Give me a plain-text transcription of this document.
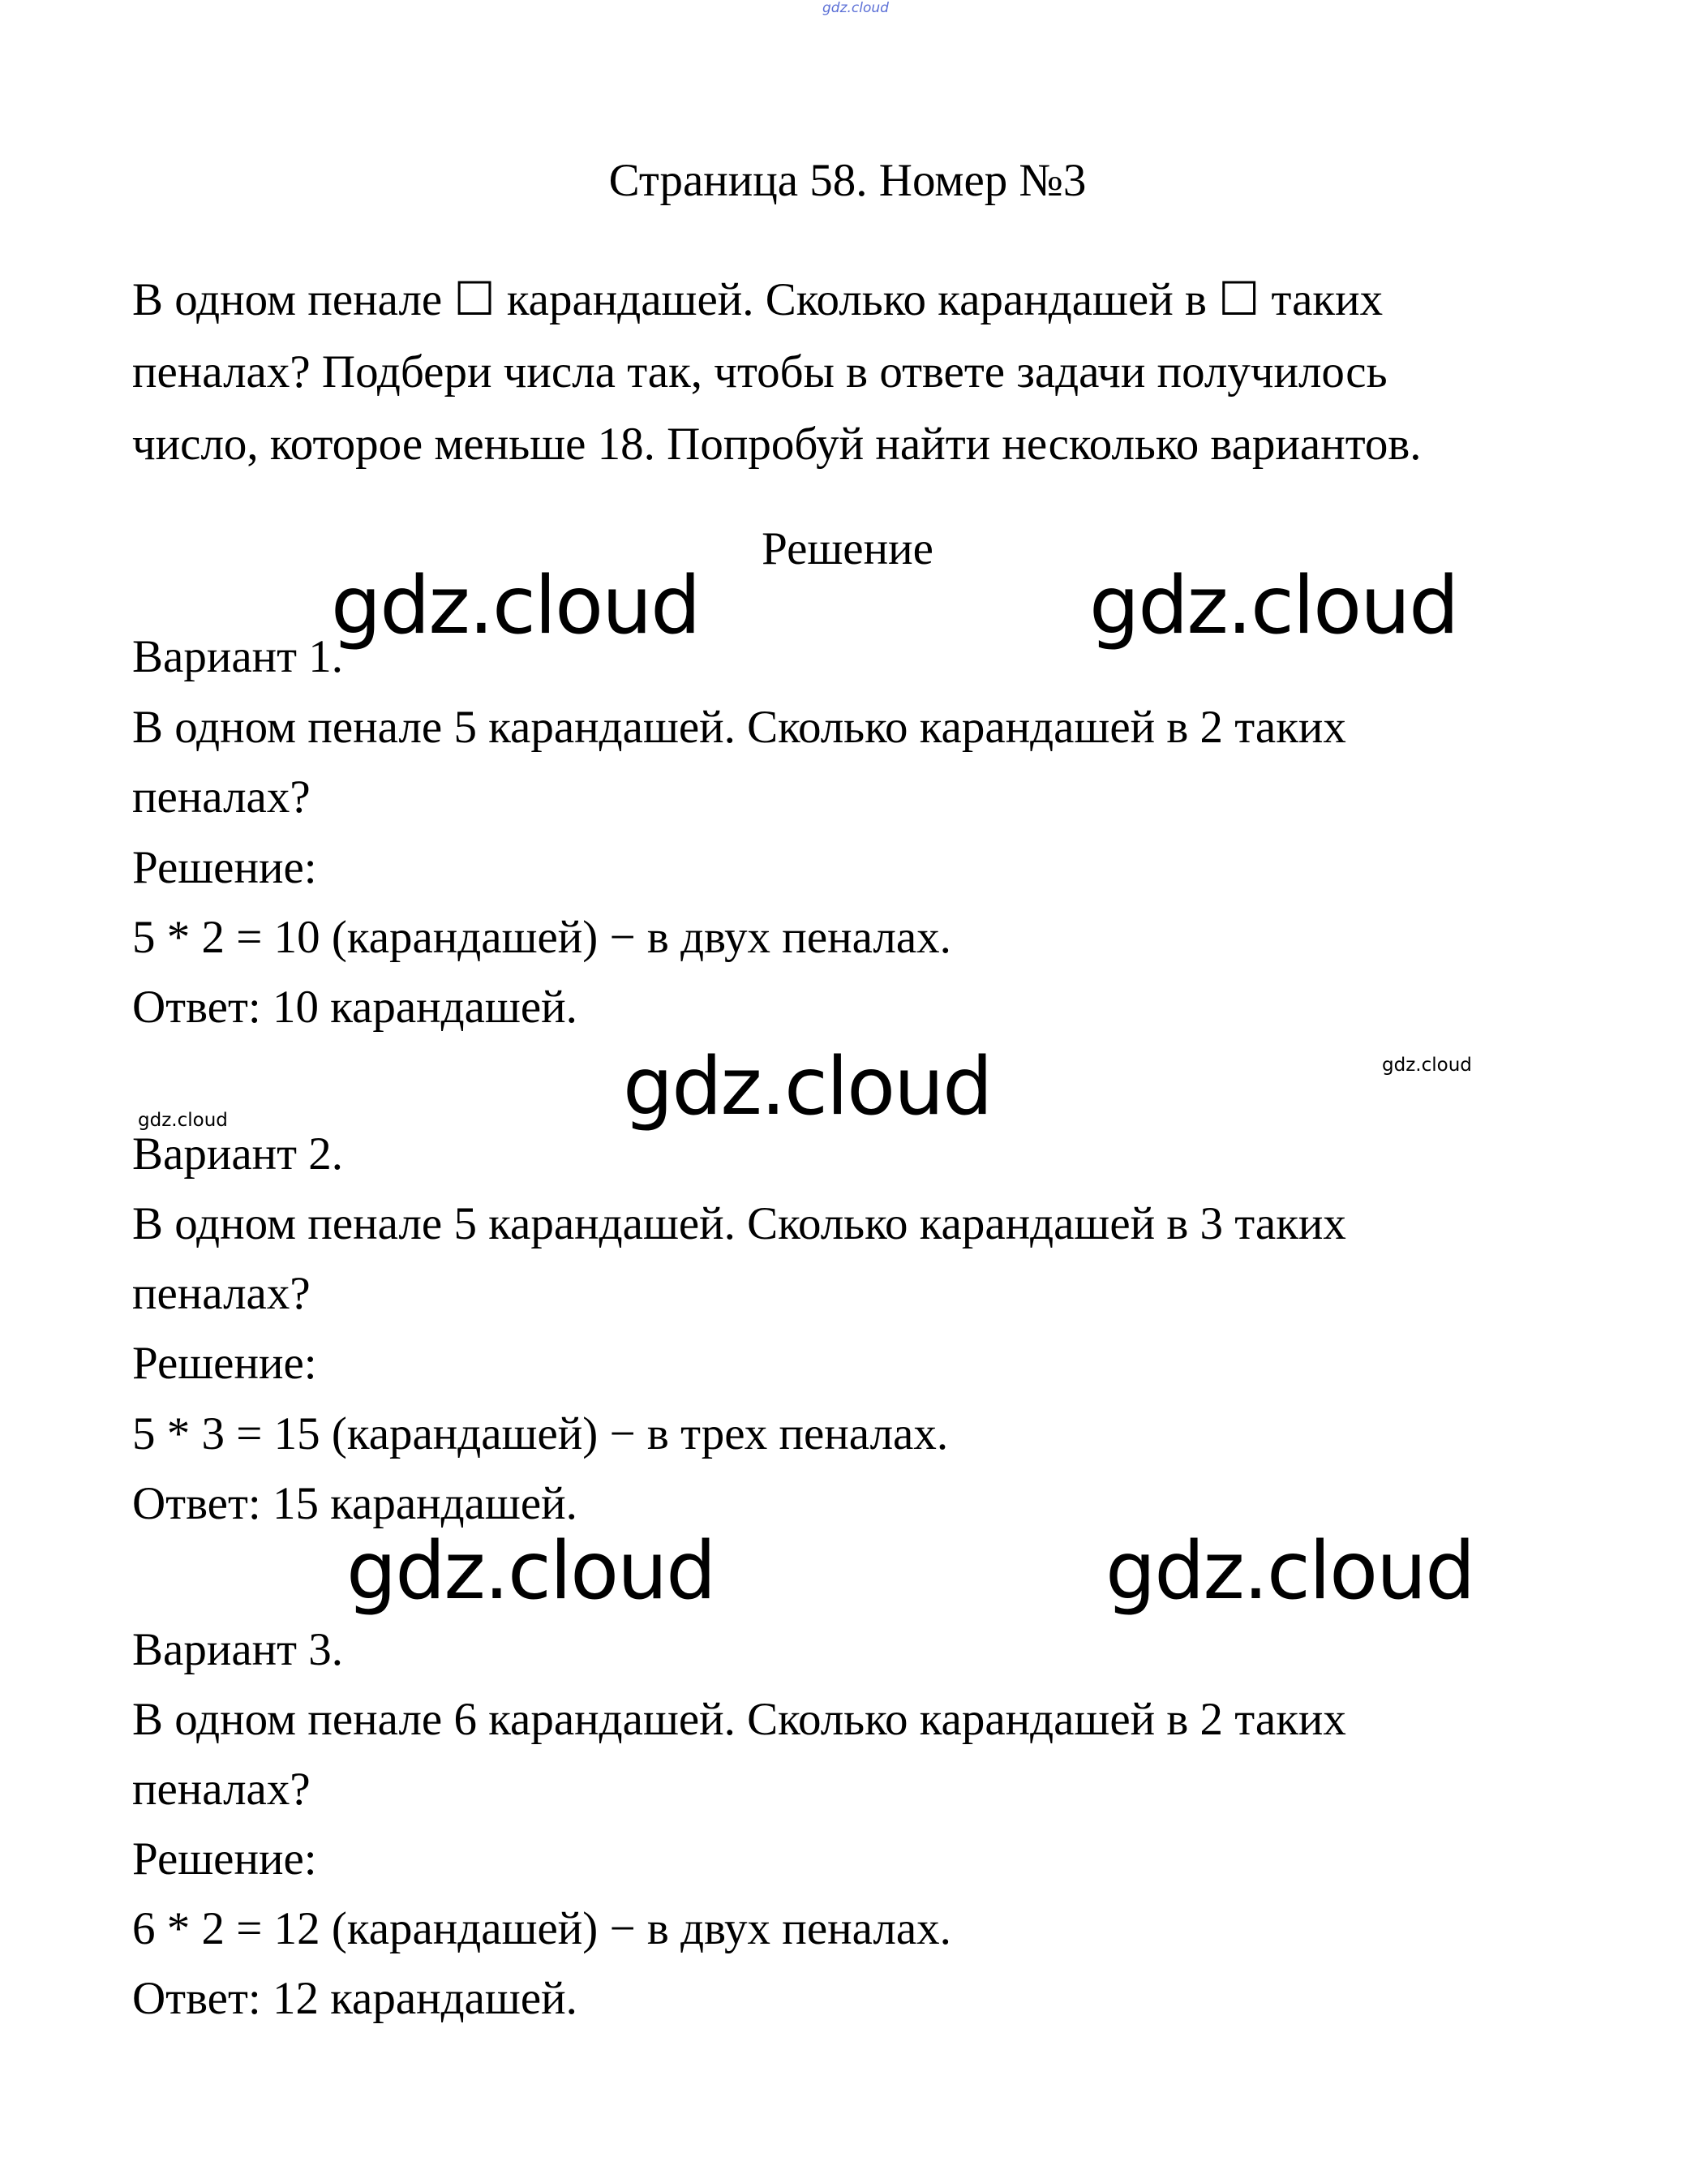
gdz.cloud
Страница 58. Номер №3

В одном пенале ☐ карандашей. Сколько карандашей в ☐ таких

пеналах? Подбери числа так, чтобы в ответе задачи получилось

число, которое меньше 18. Попробуй найти несколько вариантов.

Решение
Вариант 1.
В одном пенале 5 карандашей. Сколько карандашей в 2 таких
пеналах?
Решение:
5 * 2 = 10 (карандашей) − в двух пеналах.
Ответ: 10 карандашей.
Вариант 2.
В одном пенале 5 карандашей. Сколько карандашей в 3 таких
пеналах?
Решение:
5 * 3 = 15 (карандашей) − в трех пеналах.
Ответ: 15 карандашей.
Вариант 3.
В одном пенале 6 карандашей. Сколько карандашей в 2 таких
пеналах?
Решение:
6 * 2 = 12 (карандашей) − в двух пеналах.
Ответ: 12 карандашей.
gdz.cloud	gdz.cloud
gdz.cloud
gdz.cloud	gdz.cloud
gdz.cloud
gdz.cloud
